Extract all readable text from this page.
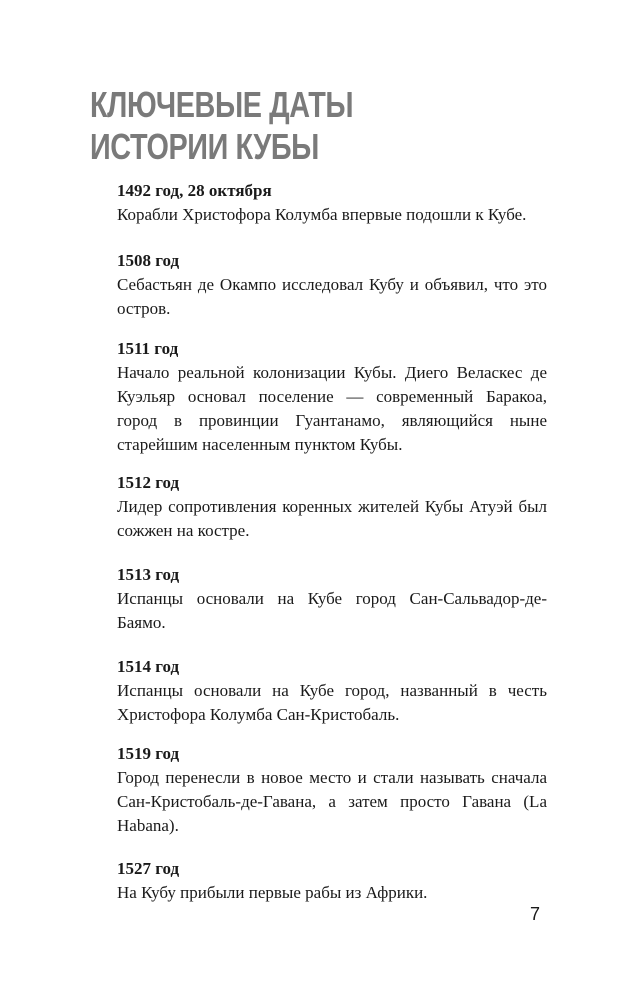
КЛЮЧЕВЫЕ ДАТЫ
ИСТОРИИ КУБЫ

1492 год, 28 октября

Корабли Христофора Колумба впервые подошли к Кубе.

1508 год

Себастьян де Окампо исследовал Кубу и объявил, что это остров.

1511 год

Начало реальной колонизации Кубы. Диего Веласкес де Куэльяр основал поселение — современный Баракоа, город в провинции Гуантанамо, являющийся ныне старейшим населенным пунктом Кубы.

1512 год

Лидер сопротивления коренных жителей Кубы Атуэй был сожжен на костре.

1513 год

Испанцы основали на Кубе город Сан-Сальвадор-де-Баямо.

1514 год

Испанцы основали на Кубе город, названный в честь Христофора Колумба Сан-Кристобаль.

1519 год

Город перенесли в новое место и стали называть сначала Сан-Кристобаль-де-Гавана, а затем просто Гавана (La Habana).

1527 год

На Кубу прибыли первые рабы из Африки.

7
